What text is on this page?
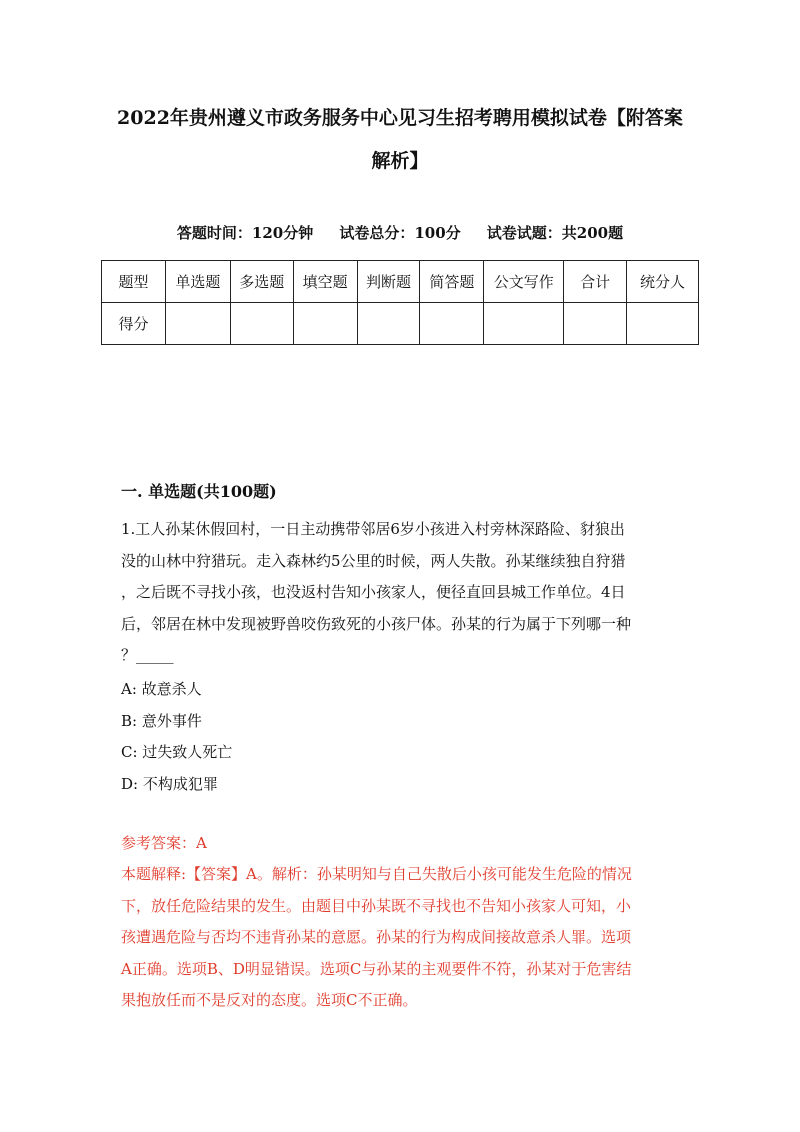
2022年贵州遵义市政务服务中心见习生招考聘用模拟试卷【附答案
解析】
答题时间：120分钟     试卷总分：100分     试卷试题：共200题
题型	单选题	多选题	填空题	判断题	简答题	公文写作	合计	统分人
得分								
一. 单选题(共100题)
1.工人孙某休假回村，一日主动携带邻居6岁小孩进入村旁林深路险、豺狼出
没的山林中狩猎玩。走入森林约5公里的时候，两人失散。孙某继续独自狩猎
，之后既不寻找小孩，也没返村告知小孩家人，便径直回县城工作单位。4日
后，邻居在林中发现被野兽咬伤致死的小孩尸体。孙某的行为属于下列哪一种
？_____
A: 故意杀人
B: 意外事件
C: 过失致人死亡
D: 不构成犯罪
参考答案：A
本题解释:【答案】A。解析：孙某明知与自己失散后小孩可能发生危险的情况
下，放任危险结果的发生。由题目中孙某既不寻找也不告知小孩家人可知，小
孩遭遇危险与否均不违背孙某的意愿。孙某的行为构成间接故意杀人罪。选项
A正确。选项B、D明显错误。选项C与孙某的主观要件不符，孙某对于危害结
果抱放任而不是反对的态度。选项C不正确。
